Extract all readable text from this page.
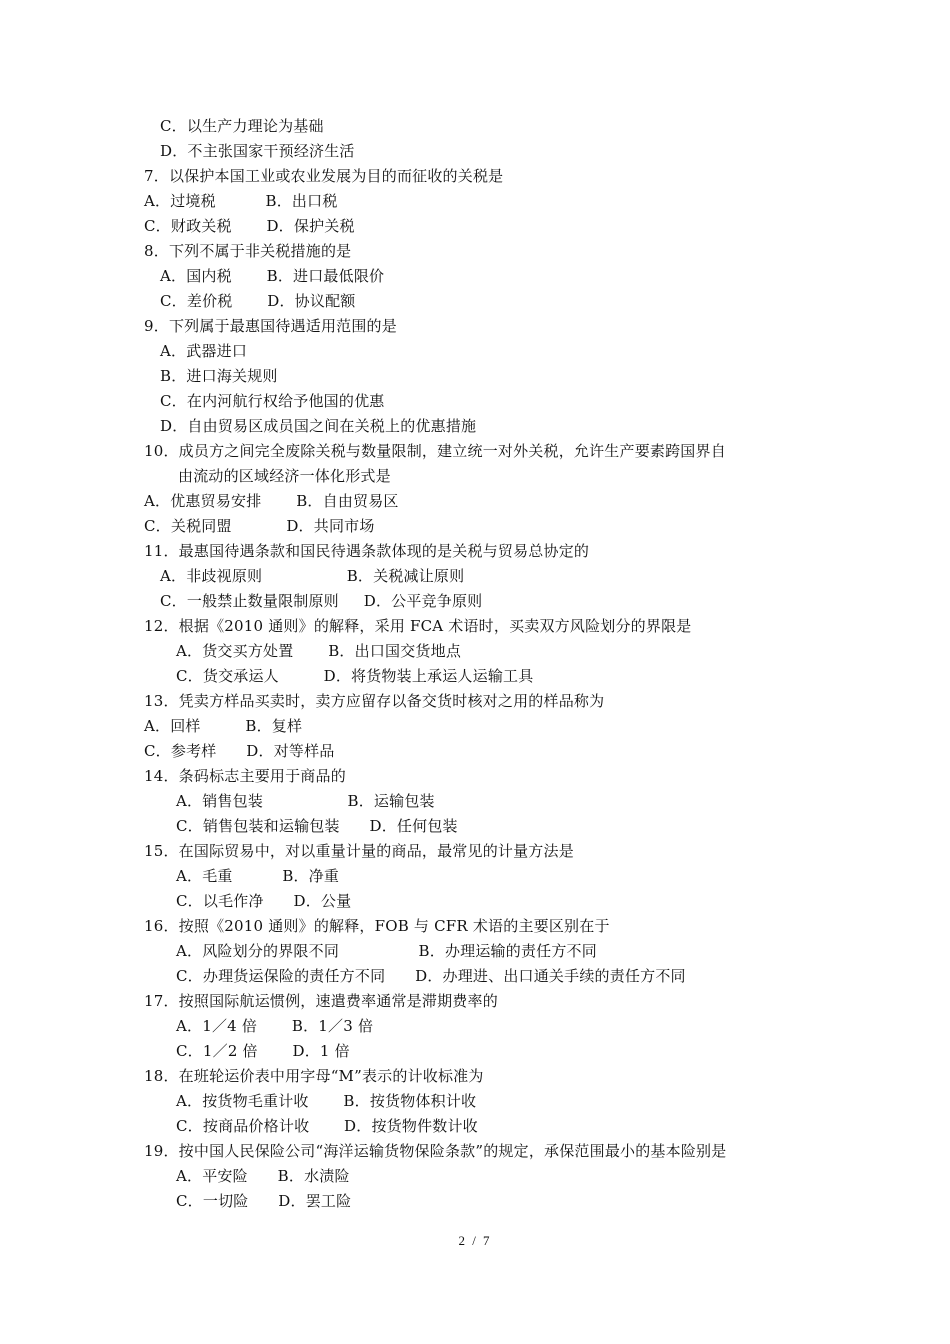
C．以生产力理论为基础
D．不主张国家干预经济生活
7．以保护本国工业或农业发展为目的而征收的关税是
A．过境税          B．出口税
C．财政关税       D．保护关税
8．下列不属于非关税措施的是
A．国内税       B．进口最低限价
C．差价税       D．协议配额
9．下列属于最惠国待遇适用范围的是
A．武器进口
B．进口海关规则
C．在内河航行权给予他国的优惠
D．自由贸易区成员国之间在关税上的优惠措施
10．成员方之间完全废除关税与数量限制，建立统一对外关税，允许生产要素跨国界自
由流动的区域经济一体化形式是
A．优惠贸易安排       B．自由贸易区
C．关税同盟           D．共同市场
11．最惠国待遇条款和国民待遇条款体现的是关税与贸易总协定的
A．非歧视原则                 B．关税减让原则
C．一般禁止数量限制原则     D．公平竞争原则
12．根据《2010 通则》的解释，采用 FCA 术语时，买卖双方风险划分的界限是
A．货交买方处置       B．出口国交货地点
C．货交承运人         D．将货物装上承运人运输工具
13．凭卖方样品买卖时，卖方应留存以备交货时核对之用的样品称为
A．回样         B．复样
C．参考样      D．对等样品
14．条码标志主要用于商品的
A．销售包装                 B．运输包装
C．销售包装和运输包装      D．任何包装
15．在国际贸易中，对以重量计量的商品，最常见的计量方法是
A．毛重          B．净重
C．以毛作净      D．公量
16．按照《2010 通则》的解释，FOB 与 CFR 术语的主要区别在于
A．风险划分的界限不同                B．办理运输的责任方不同
C．办理货运保险的责任方不同      D．办理进、出口通关手续的责任方不同
17．按照国际航运惯例，速遣费率通常是滞期费率的
A．1／4 倍       B．1／3 倍
C．1／2 倍       D．1 倍
18．在班轮运价表中用字母“M”表示的计收标准为
A．按货物毛重计收       B．按货物体积计收
C．按商品价格计收       D．按货物件数计收
19．按中国人民保险公司“海洋运输货物保险条款”的规定，承保范围最小的基本险别是
A．平安险      B．水渍险
C．一切险      D．罢工险
2 / 7
